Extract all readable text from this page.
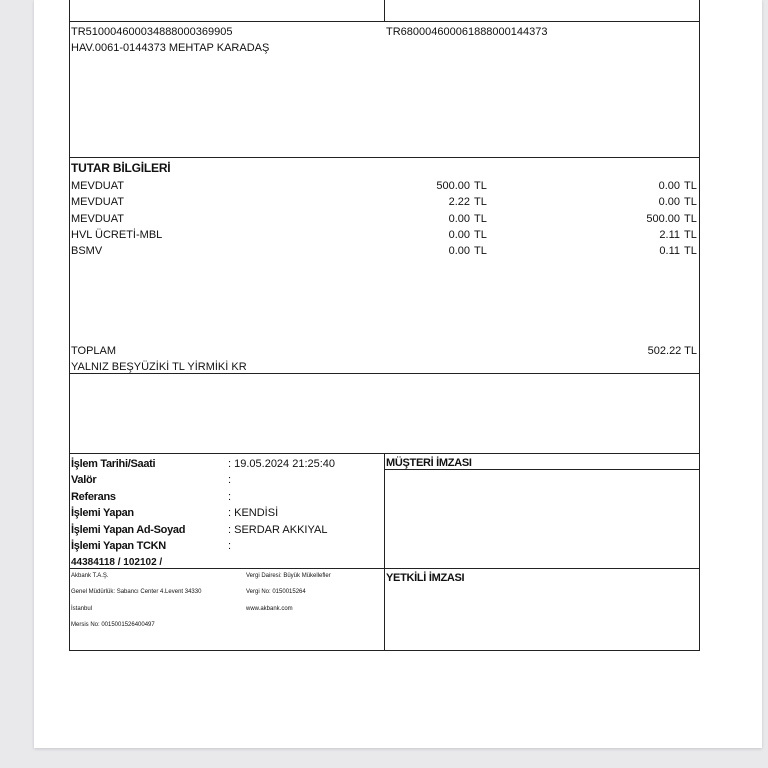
TR510004600034888000369905	TR680004600061888000144373
HAV.0061-0144373 MEHTAP KARADAŞ
TUTAR BİLGİLERİ
MEVDUAT	500.00 TL	0.00 TL
MEVDUAT	2.22 TL	0.00 TL
MEVDUAT	0.00 TL	500.00 TL
HVL ÜCRETİ-MBL	0.00 TL	2.11 TL
BSMV	0.00 TL	0.11 TL
TOPLAM	502.22 TL
YALNIZ BEŞYÜZİKİ TL YİRMİKİ KR
İşlem Tarihi/Saati	: 19.05.2024 21:25:40
Valör	:
Referans	:
İşlemi Yapan	: KENDİSİ
İşlemi Yapan Ad-Soyad	: SERDAR AKKIYAL
İşlemi Yapan TCKN	:
44384118 / 102102 /
MÜŞTERİ İMZASI
YETKİLİ İMZASI
Akbank T.A.Ş.
Genel Müdürlük: Sabancı Center 4.Levent 34330
İstanbul
Mersis No: 0015001526400497
Vergi Dairesi: Büyük Mükellefler
Vergi No: 0150015264
www.akbank.com
